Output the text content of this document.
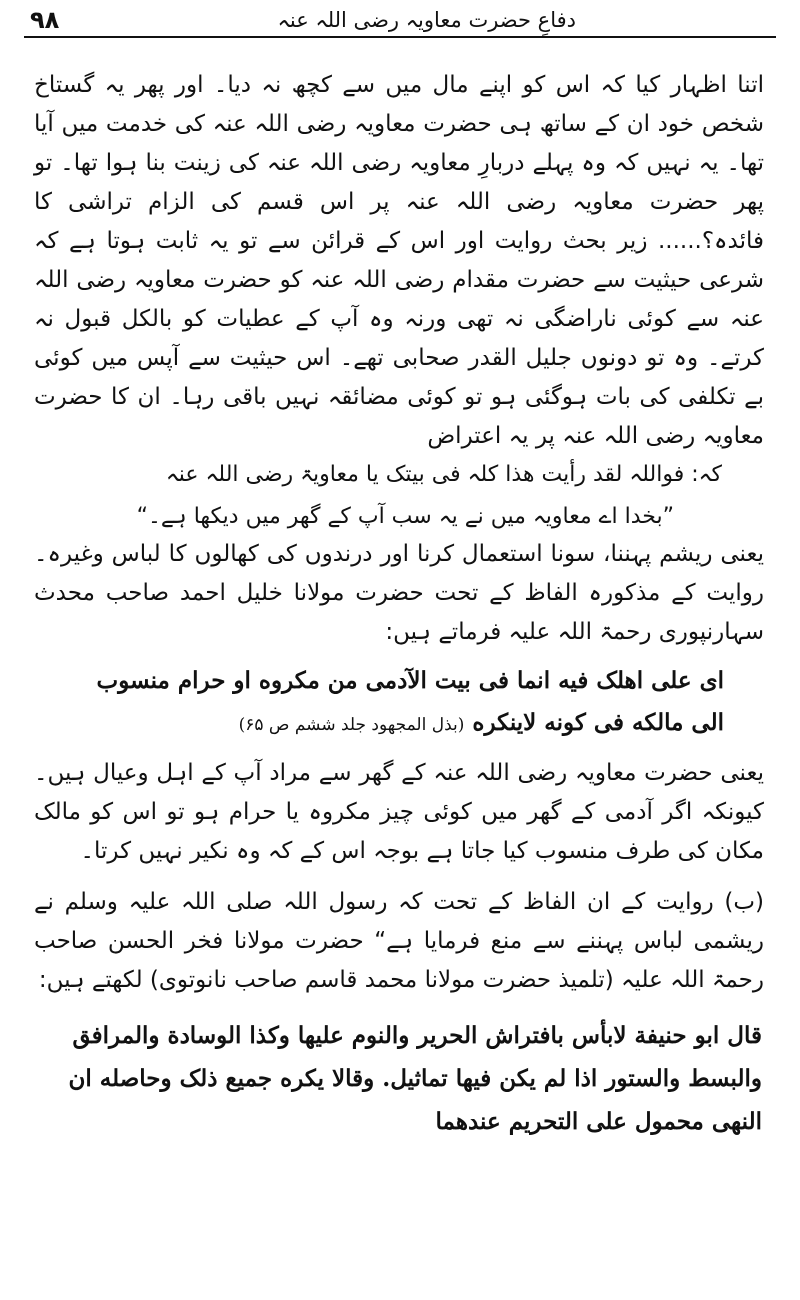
۹۸	دفاعِ حضرت معاویہ رضی اللہ عنہ

اتنا اظہار کیا کہ اس کو اپنے مال میں سے کچھ نہ دیا۔ اور پھر یہ گستاخ شخص خود ان کے ساتھ ہی حضرت معاویہ رضی اللہ عنہ کی خدمت میں آیا تھا۔ یہ نہیں کہ وہ پہلے دربارِ معاویہ رضی اللہ عنہ کی زینت بنا ہوا تھا۔ تو پھر حضرت معاویہ رضی اللہ عنہ پر اس قسم کی الزام تراشی کا فائدہ؟...... زیر بحث روایت اور اس کے قرائن سے تو یہ ثابت ہوتا ہے کہ شرعی حیثیت سے حضرت مقدام رضی اللہ عنہ کو حضرت معاویہ رضی اللہ عنہ سے کوئی ناراضگی نہ تھی ورنہ وہ آپ کے عطیات کو بالکل قبول نہ کرتے۔ وہ تو دونوں جلیل القدر صحابی تھے۔ اس حیثیت سے آپس میں کوئی بے تکلفی کی بات ہوگئی ہو تو کوئی مضائقہ نہیں باقی رہا۔ ان کا حضرت معاویہ رضی اللہ عنہ پر یہ اعتراض

کہ: فواللہ لقد رأیت ھذا کلہ فی بیتک یا معاویۃ رضی اللہ عنہ

”بخدا اے معاویہ میں نے یہ سب آپ کے گھر میں دیکھا ہے۔“

یعنی ریشم پہننا، سونا استعمال کرنا اور درندوں کی کھالوں کا لباس وغیرہ۔ روایت کے مذکورہ الفاظ کے تحت حضرت مولانا خلیل احمد صاحب محدث سہارنپوری رحمۃ اللہ علیہ فرماتے ہیں:

ای علی اھلک فیه انما فی بیت الآدمی من مکروه او حرام منسوب الی مالکه فی کونه لاینکره (بذل المجھود جلد ششم ص ۶۵)

یعنی حضرت معاویہ رضی اللہ عنہ کے گھر سے مراد آپ کے اہل وعیال ہیں۔ کیونکہ اگر آدمی کے گھر میں کوئی چیز مکروہ یا حرام ہو تو اس کو مالک مکان کی طرف منسوب کیا جاتا ہے بوجہ اس کے کہ وہ نکیر نہیں کرتا۔

(ب) روایت کے ان الفاظ کے تحت کہ رسول اللہ صلی اللہ علیہ وسلم نے ریشمی لباس پہننے سے منع فرمایا ہے“ حضرت مولانا فخر الحسن صاحب رحمۃ اللہ علیہ (تلمیذ حضرت مولانا محمد قاسم صاحب نانوتوی) لکھتے ہیں:

قال ابو حنیفة لابأس بافتراش الحریر والنوم علیها وکذا الوسادة والمرافق والبسط والستور اذا لم یکن فیها تماثیل. وقالا یکره جمیع ذلک وحاصله ان النهی محمول علی التحریم عندهما
